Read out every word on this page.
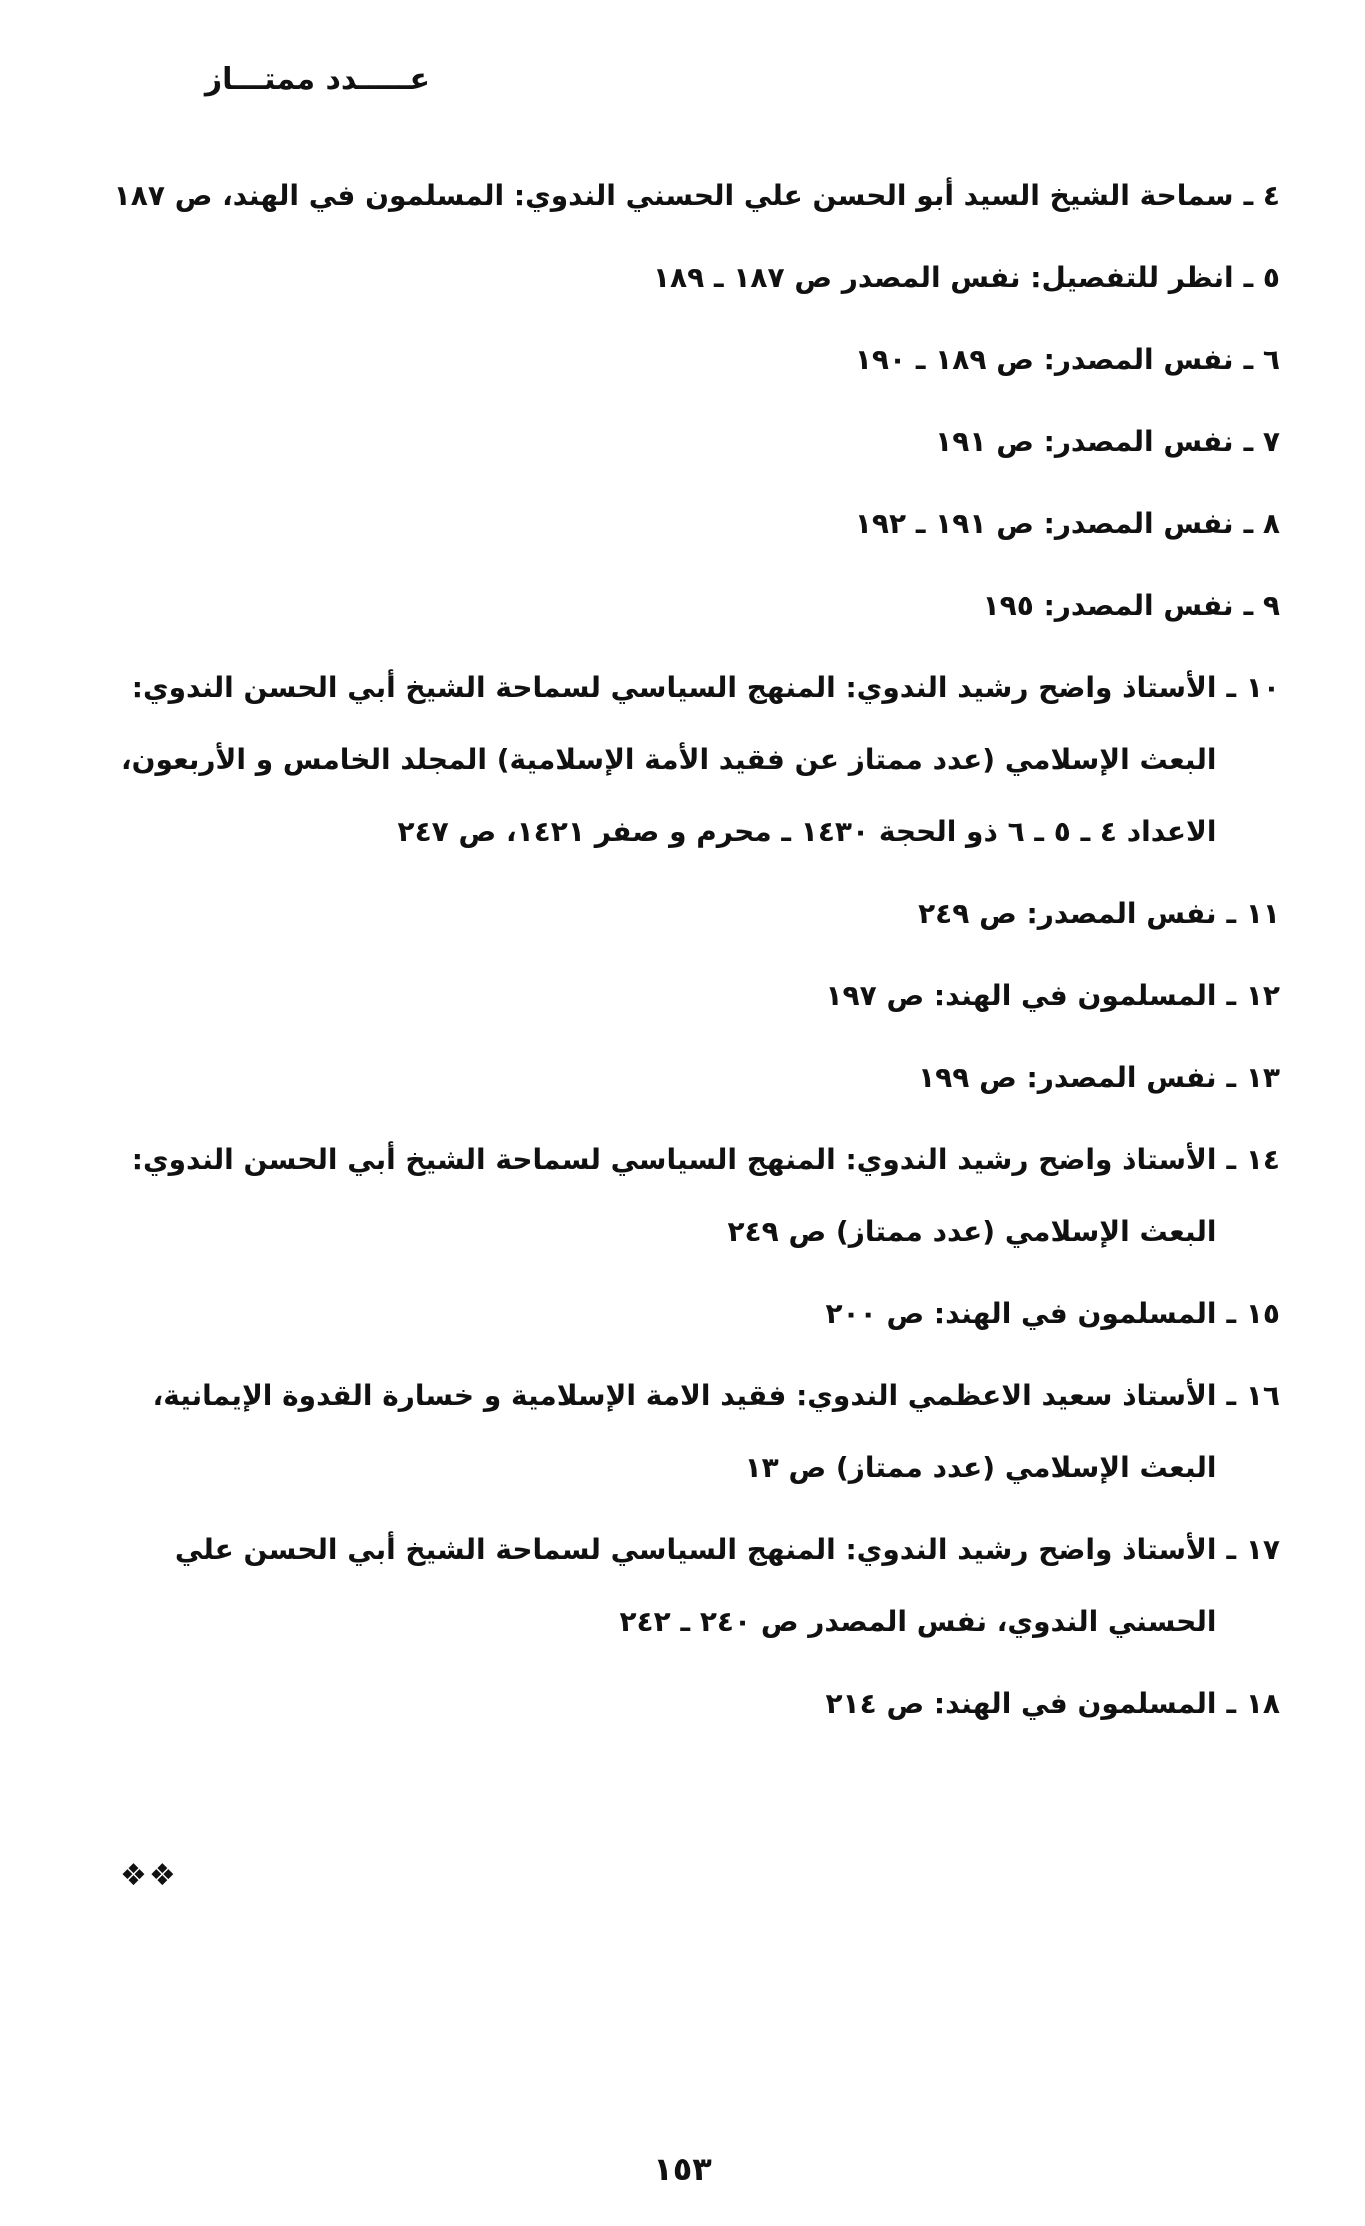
عـــــدد ممتـــاز
٤ ـ
سماحة الشيخ السيد أبو الحسن علي الحسني الندوي: المسلمون في الهند، ص ١٨٧
٥ ـ
انظر للتفصيل: نفس المصدر ص ١٨٧ ـ ١٨٩
٦ ـ
نفس المصدر: ص ١٨٩ ـ ١٩٠
٧ ـ
نفس المصدر: ص ١٩١
٨ ـ
نفس المصدر: ص ١٩١ ـ ١٩٢
٩ ـ
نفس المصدر: ١٩٥
١٠ ـ
الأستاذ واضح رشيد الندوي: المنهج السياسي لسماحة الشيخ أبي الحسن الندوي: البعث الإسلامي (عدد ممتاز عن فقيد الأمة الإسلامية) المجلد الخامس و الأربعون، الاعداد ٤ ـ ٥ ـ ٦ ذو الحجة ١٤٣٠ ـ محرم و صفر ١٤٢١، ص ٢٤٧
١١ ـ
نفس المصدر: ص ٢٤٩
١٢ ـ
المسلمون في الهند: ص ١٩٧
١٣ ـ
نفس المصدر: ص ١٩٩
١٤ ـ
الأستاذ واضح رشيد الندوي: المنهج السياسي لسماحة الشيخ أبي الحسن الندوي: البعث الإسلامي (عدد ممتاز) ص ٢٤٩
١٥ ـ
المسلمون في الهند: ص ٢٠٠
١٦ ـ
الأستاذ سعيد الاعظمي الندوي: فقيد الامة الإسلامية و خسارة القدوة الإيمانية، البعث الإسلامي (عدد ممتاز) ص ١٣
١٧ ـ
الأستاذ واضح رشيد الندوي: المنهج السياسي لسماحة الشيخ أبي الحسن علي الحسني الندوي، نفس المصدر ص ٢٤٠ ـ ٢٤٢
١٨ ـ
المسلمون في الهند: ص ٢١٤
❖❖
١٥٣
